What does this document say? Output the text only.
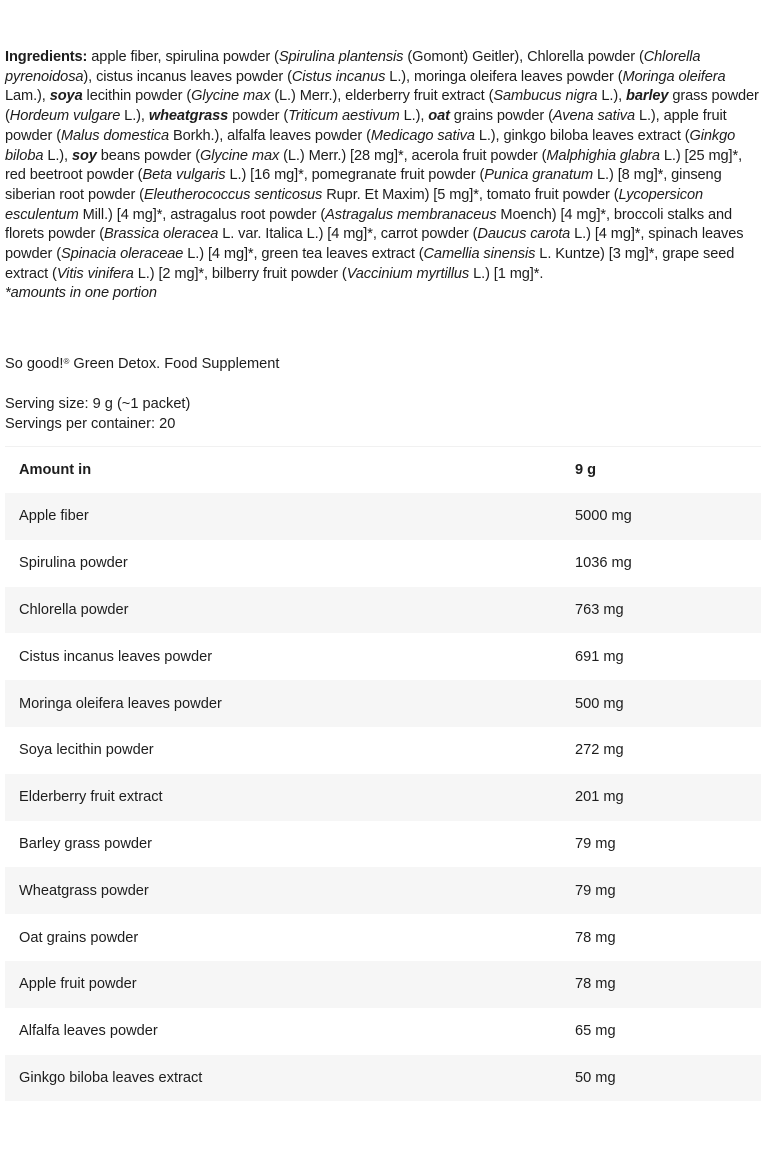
Ingredients: apple fiber, spirulina powder (Spirulina plantensis (Gomont) Geitler), Chlorella powder (Chlorella pyrenoidosa), cistus incanus leaves powder (Cistus incanus L.), moringa oleifera leaves powder (Moringa oleifera Lam.), soya lecithin powder (Glycine max (L.) Merr.), elderberry fruit extract (Sambucus nigra L.), barley grass powder (Hordeum vulgare L.), wheatgrass powder (Triticum aestivum L.), oat grains powder (Avena sativa L.), apple fruit powder (Malus domestica Borkh.), alfalfa leaves powder (Medicago sativa L.), ginkgo biloba leaves extract (Ginkgo biloba L.), soy beans powder (Glycine max (L.) Merr.) [28 mg]*, acerola fruit powder (Malphighia glabra L.) [25 mg]*, red beetroot powder (Beta vulgaris L.) [16 mg]*, pomegranate fruit powder (Punica granatum L.) [8 mg]*, ginseng siberian root powder (Eleutherococcus senticosus Rupr. Et Maxim) [5 mg]*, tomato fruit powder (Lycopersicon esculentum Mill.) [4 mg]*, astragalus root powder (Astragalus membranaceus Moench) [4 mg]*, broccoli stalks and florets powder (Brassica oleracea L. var. Italica L.) [4 mg]*, carrot powder (Daucus carota L.) [4 mg]*, spinach leaves powder (Spinacia oleraceae L.) [4 mg]*, green tea leaves extract (Camellia sinensis L. Kuntze) [3 mg]*, grape seed extract (Vitis vinifera L.) [2 mg]*, bilberry fruit powder (Vaccinium myrtillus L.) [1 mg]*.
*amounts in one portion

So good!® Green Detox. Food Supplement

Serving size: 9 g (~1 packet)
Servings per container: 20
Amount in	9 g
Apple fiber	5000 mg
Spirulina powder	1036 mg
Chlorella powder	763 mg
Cistus incanus leaves powder	691 mg
Moringa oleifera leaves powder	500 mg
Soya lecithin powder	272 mg
Elderberry fruit extract	201 mg
Barley grass powder	79 mg
Wheatgrass powder	79 mg
Oat grains powder	78 mg
Apple fruit powder	78 mg
Alfalfa leaves powder	65 mg
Ginkgo biloba leaves extract	50 mg
